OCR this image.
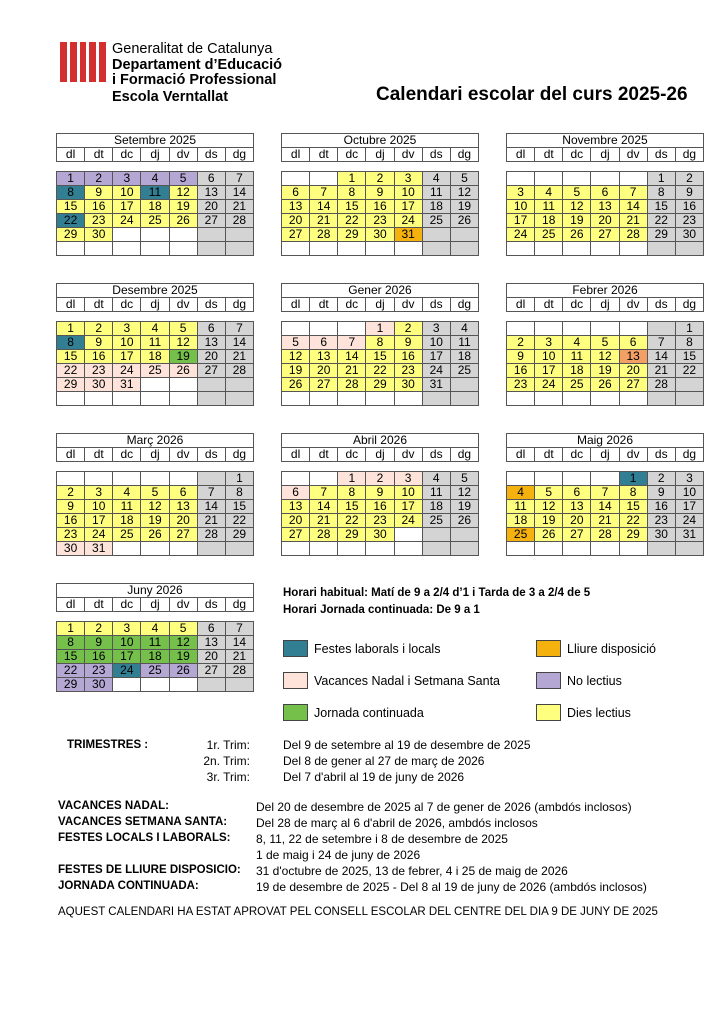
Generalitat de Catalunya
Departament d’Educació
i Formació Professional
Escola Verntallat	Calendari escolar del curs 2025-26
Setembre 2025						
dl	dt	dc	dj	dv	ds	dg

1	2	3	4	5	6	7
8	9	10	11	12	13	14
15	16	17	18	19	20	21
22	23	24	25	26	27	28
29	30					

Octubre 2025						
dl	dt	dc	dj	dv	ds	dg

		1	2	3	4	5
6	7	8	9	10	11	12
13	14	15	16	17	18	19
20	21	22	23	24	25	26
27	28	29	30	31		

Novembre 2025						
dl	dt	dc	dj	dv	ds	dg

					1	2
3	4	5	6	7	8	9
10	11	12	13	14	15	16
17	18	19	20	21	22	23
24	25	26	27	28	29	30

Desembre 2025						
dl	dt	dc	dj	dv	ds	dg

1	2	3	4	5	6	7
8	9	10	11	12	13	14
15	16	17	18	19	20	21
22	23	24	25	26	27	28
29	30	31				

Gener 2026						
dl	dt	dc	dj	dv	ds	dg

			1	2	3	4
5	6	7	8	9	10	11
12	13	14	15	16	17	18
19	20	21	22	23	24	25
26	27	28	29	30	31	

Febrer 2026						
dl	dt	dc	dj	dv	ds	dg

						1
2	3	4	5	6	7	8
9	10	11	12	13	14	15
16	17	18	19	20	21	22
23	24	25	26	27	28	

Març 2026						
dl	dt	dc	dj	dv	ds	dg

						1
2	3	4	5	6	7	8
9	10	11	12	13	14	15
16	17	18	19	20	21	22
23	24	25	26	27	28	29
30	31					
Abril 2026						
dl	dt	dc	dj	dv	ds	dg

		1	2	3	4	5
6	7	8	9	10	11	12
13	14	15	16	17	18	19
20	21	22	23	24	25	26
27	28	29	30			

Maig 2026						
dl	dt	dc	dj	dv	ds	dg

				1	2	3
4	5	6	7	8	9	10
11	12	13	14	15	16	17
18	19	20	21	22	23	24
25	26	27	28	29	30	31

Juny 2026						
dl	dt	dc	dj	dv	ds	dg

1	2	3	4	5	6	7
8	9	10	11	12	13	14
15	16	17	18	19	20	21
22	23	24	25	26	27	28
29	30					
Horari habitual: Matí de 9 a 2/4 d’1 i Tarda de 3 a 2/4 de 5
Horari Jornada continuada: De 9 a 1
Festes laborals i locals	Lliure disposició
Vacances Nadal i Setmana Santa	No lectius
Jornada continuada	Dies lectius
TRIMESTRES :	1r. Trim:	Del 9 de setembre al 19 de desembre de 2025
2n. Trim:	Del 8 de gener al 27 de març de 2026
3r. Trim:	Del 7 d'abril al 19 de juny de 2026
VACANCES NADAL:	Del 20 de desembre de 2025 al 7 de gener de 2026 (ambdós inclosos)
VACANCES SETMANA SANTA: Del 28 de març al 6 d'abril de 2026, ambdós inclosos
FESTES LOCALS I LABORALS: 8, 11, 22 de setembre i 8 de desembre de 2025
1 de maig i 24 de juny de 2026
FESTES DE LLIURE DISPOSICIO: 31 d'octubre de 2025, 13 de febrer, 4 i 25 de maig de 2026
JORNADA CONTINUADA:	19 de desembre de 2025 - Del 8 al 19 de juny de 2026 (ambdós inclosos)
AQUEST CALENDARI HA ESTAT APROVAT PEL CONSELL ESCOLAR DEL CENTRE DEL DIA 9 DE JUNY DE 2025
